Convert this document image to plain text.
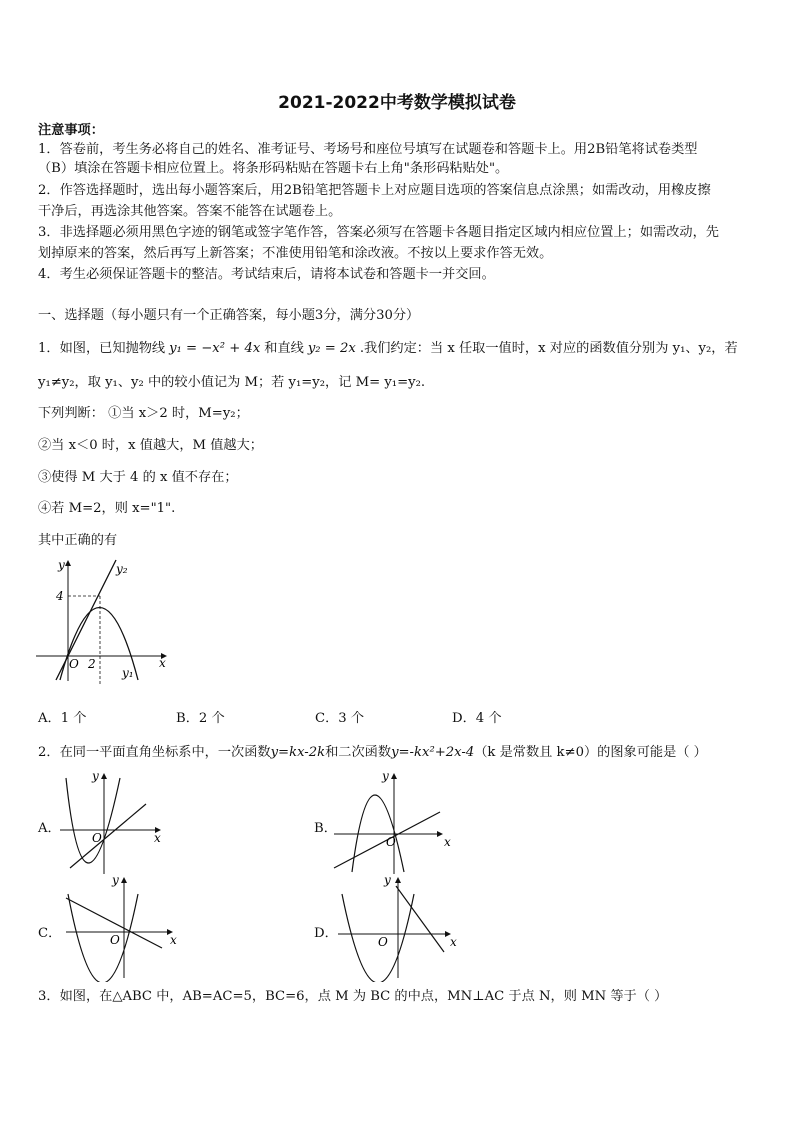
2021-2022中考数学模拟试卷
注意事项：
1．答卷前，考生务必将自己的姓名、准考证号、考场号和座位号填写在试题卷和答题卡上。用2B铅笔将试卷类型
（B）填涂在答题卡相应位置上。将条形码粘贴在答题卡右上角"条形码粘贴处"。
2．作答选择题时，选出每小题答案后，用2B铅笔把答题卡上对应题目选项的答案信息点涂黑；如需改动，用橡皮擦
干净后，再选涂其他答案。答案不能答在试题卷上。
3．非选择题必须用黑色字迹的钢笔或签字笔作答，答案必须写在答题卡各题目指定区域内相应位置上；如需改动，先
划掉原来的答案，然后再写上新答案；不准使用铅笔和涂改液。不按以上要求作答无效。
4．考生必须保证答题卡的整洁。考试结束后，请将本试卷和答题卡一并交回。
一、选择题（每小题只有一个正确答案，每小题3分，满分30分）
1．如图，已知抛物线 y₁ = −x² + 4x 和直线 y₂ = 2x .我们约定：当 x 任取一值时，x 对应的函数值分别为 y₁、y₂，若
y₁≠y₂，取 y₁、y₂ 中的较小值记为 M；若 y₁=y₂，记 M= y₁=y₂.
下列判断： ①当 x＞2 时，M=y₂；
②当 x＜0 时，x 值越大，M 值越大；
③使得 M 大于 4 的 x 值不存在；
④若 M=2，则 x="1".
其中正确的有
y
x
O
4
2
y₂
y₁
A．1 个	B．2 个	C．3 个	D．4 个
2．在同一平面直角坐标系中，一次函数y=kx-2k和二次函数y=-kx²+2x-4（k 是常数且 k≠0）的图象可能是（ ）
A．
y
x
O
B．
y
x
O
C．
y
x
O	D．
y
x
O
3．如图，在△ABC 中，AB=AC=5，BC=6，点 M 为 BC 的中点，MN⊥AC 于点 N，则 MN 等于（ ）
